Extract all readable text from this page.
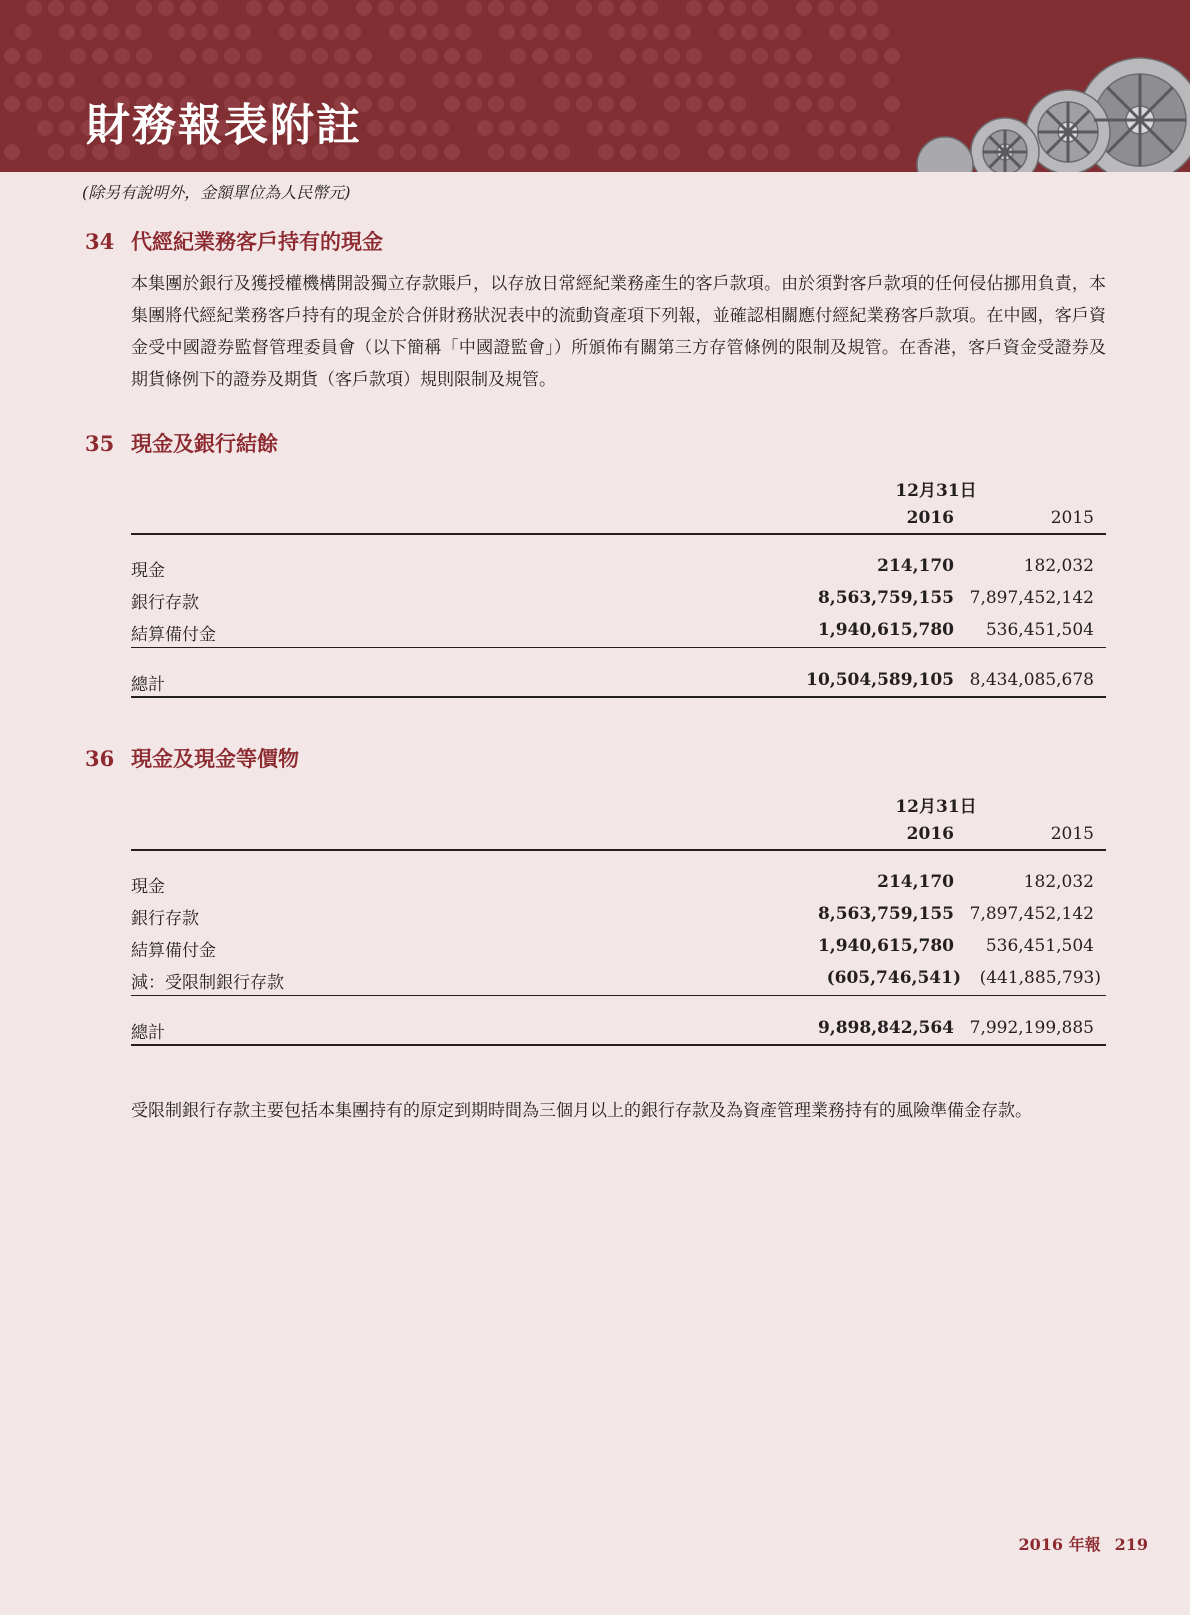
財務報表附註
(除另有說明外，金額單位為人民幣元)
34 代經紀業務客戶持有的現金
本集團於銀行及獲授權機構開設獨立存款賬戶，以存放日常經紀業務產生的客戶款項。由於須對客戶款項的任何侵佔挪用負責，本集團將代經紀業務客戶持有的現金於合併財務狀況表中的流動資產項下列報，並確認相關應付經紀業務客戶款項。在中國，客戶資金受中國證券監督管理委員會（以下簡稱「中國證監會」）所頒佈有關第三方存管條例的限制及規管。在香港，客戶資金受證券及期貨條例下的證券及期貨（客戶款項）規則限制及規管。
35 現金及銀行結餘
12月31日
2016	2015
現金	214,170	182,032
銀行存款	8,563,759,155 7,897,452,142
結算備付金	1,940,615,780 536,451,504
總計	10,504,589,105 8,434,085,678
36 現金及現金等價物
12月31日
2016	2015
現金	214,170	182,032
銀行存款	8,563,759,155 7,897,452,142
結算備付金	1,940,615,780 536,451,504
減：受限制銀行存款	(605,746,541) (441,885,793)
總計	9,898,842,564 7,992,199,885
受限制銀行存款主要包括本集團持有的原定到期時間為三個月以上的銀行存款及為資產管理業務持有的風險準備金存款。
2016 年報 219
